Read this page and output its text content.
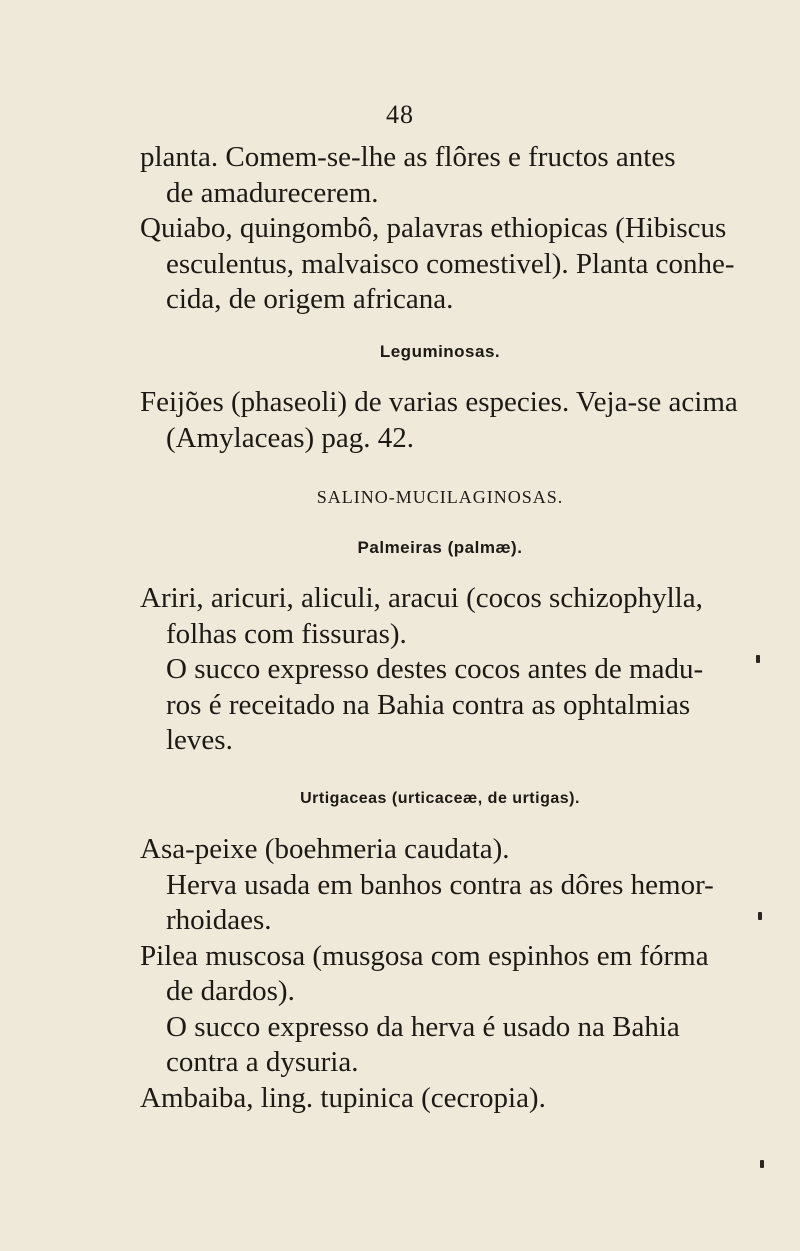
48

planta. Comem-se-lhe as flôres e fructos antes

de amadurecerem.

Quiabo, quingombô, palavras ethiopicas (Hibiscus

esculentus, malvaisco comestivel). Planta conhe-

cida, de origem africana.

Leguminosas.

Feijões (phaseoli) de varias especies. Veja-se acima

(Amylaceas) pag. 42.

SALINO-MUCILAGINOSAS.

Palmeiras (palmæ).

Ariri, aricuri, aliculi, aracui (cocos schizophylla,

folhas com fissuras).

O succo expresso destes cocos antes de madu-

ros é receitado na Bahia contra as ophtalmias

leves.

Urtigaceas (urticaceæ, de urtigas).

Asa-peixe (boehmeria caudata).

Herva usada em banhos contra as dôres hemor-

rhoidaes.

Pilea muscosa (musgosa com espinhos em fórma

de dardos).

O succo expresso da herva é usado na Bahia

contra a dysuria.

Ambaiba, ling. tupinica (cecropia).
